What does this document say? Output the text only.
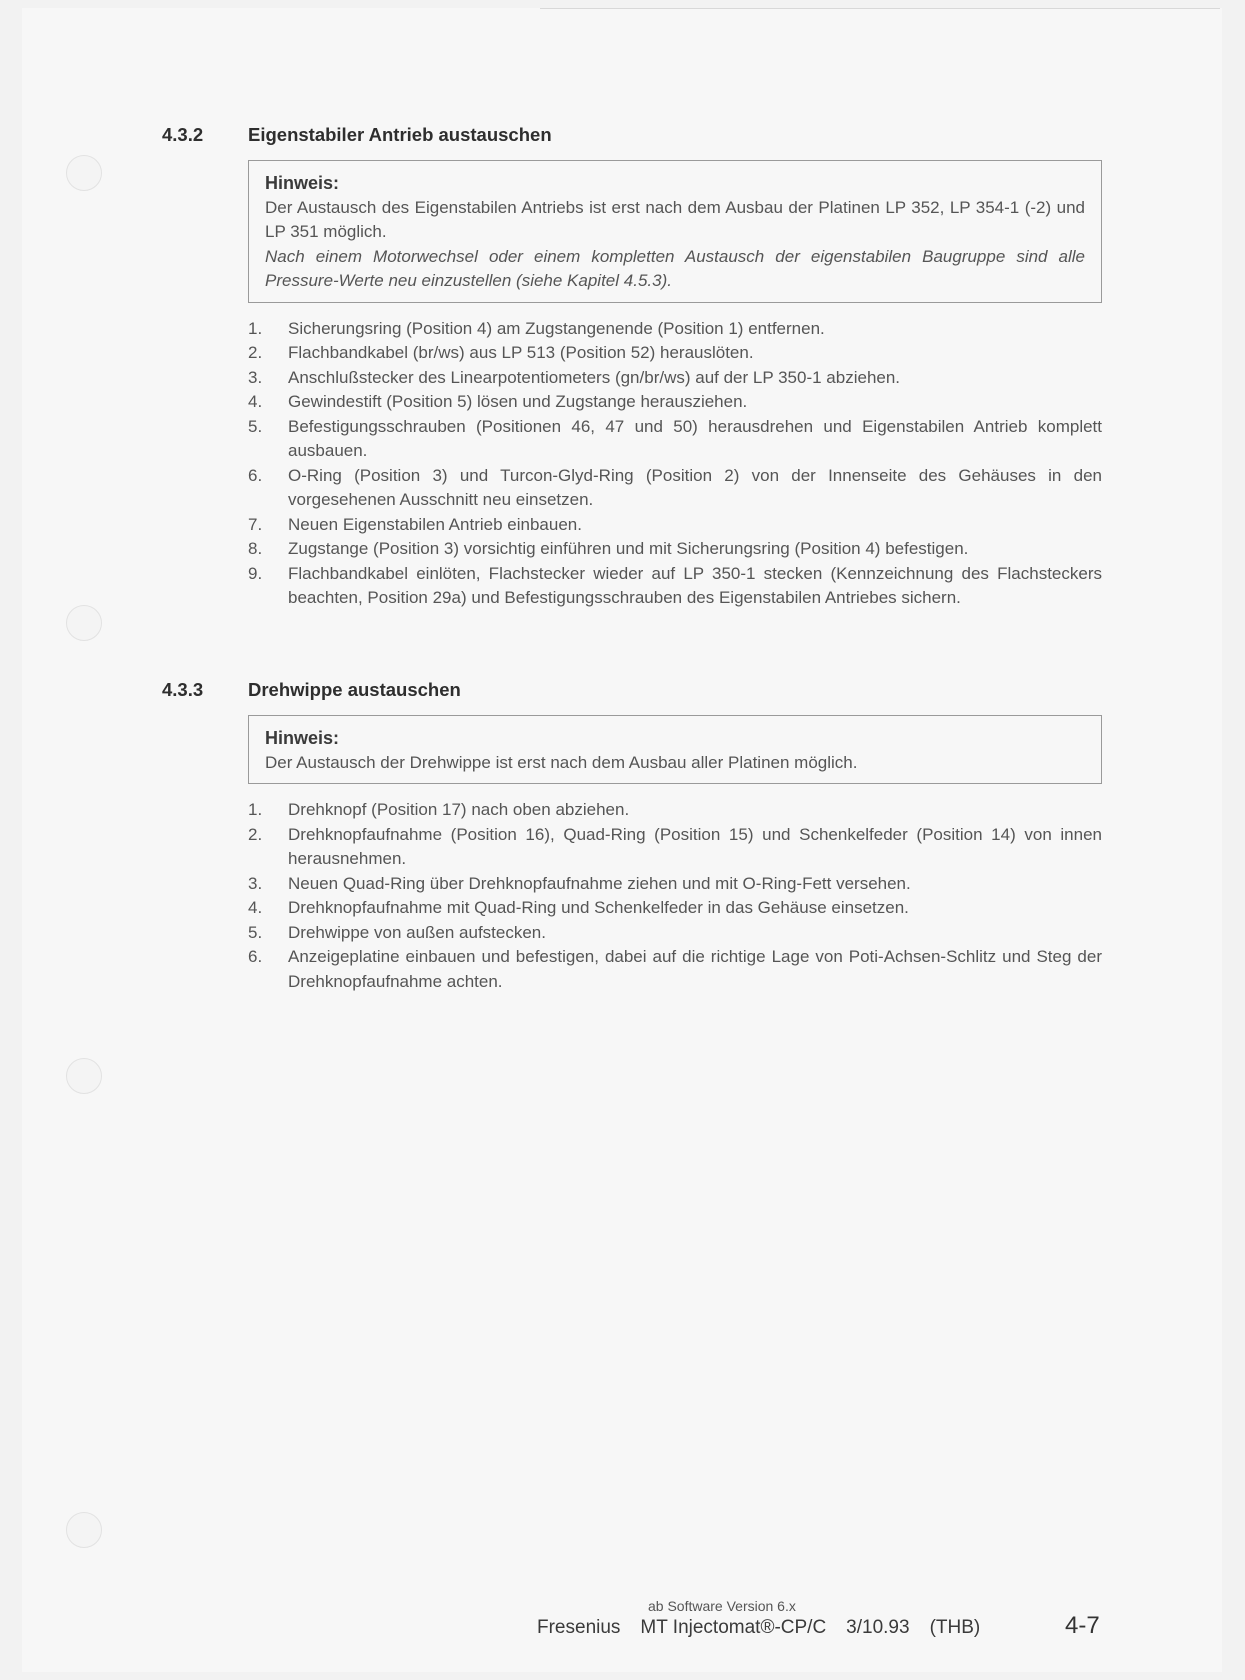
4.3.2	Eigenstabiler Antrieb austauschen
Hinweis:
Der Austausch des Eigenstabilen Antriebs ist erst nach dem Ausbau der Platinen LP 352, LP 354-1 (-2) und LP 351 möglich.
Nach einem Motorwechsel oder einem kompletten Austausch der eigenstabilen Baugruppe sind alle Pressure-Werte neu einzustellen (siehe Kapitel 4.5.3).
1.	Sicherungsring (Position 4) am Zugstangenende (Position 1) entfernen.
2.	Flachbandkabel (br/ws) aus LP 513 (Position 52) herauslöten.
3.	Anschlußstecker des Linearpotentiometers (gn/br/ws) auf der LP 350-1 abziehen.
4.	Gewindestift (Position 5) lösen und Zugstange herausziehen.
5.	Befestigungsschrauben (Positionen 46, 47 und 50) herausdrehen und Eigenstabilen Antrieb komplett ausbauen.
6.	O-Ring (Position 3) und Turcon-Glyd-Ring (Position 2) von der Innenseite des Gehäuses in den vorgesehenen Ausschnitt neu einsetzen.
7.	Neuen Eigenstabilen Antrieb einbauen.
8.	Zugstange (Position 3) vorsichtig einführen und mit Sicherungsring (Position 4) befestigen.
9.	Flachbandkabel einlöten, Flachstecker wieder auf LP 350-1 stecken (Kennzeichnung des Flachsteckers beachten, Position 29a) und Befestigungsschrauben des Eigenstabilen Antriebes sichern.
4.3.3	Drehwippe austauschen
Hinweis:
Der Austausch der Drehwippe ist erst nach dem Ausbau aller Platinen möglich.
1.	Drehknopf (Position 17) nach oben abziehen.
2.	Drehknopfaufnahme (Position 16), Quad-Ring (Position 15) und Schenkelfeder (Position 14) von innen herausnehmen.
3.	Neuen Quad-Ring über Drehknopfaufnahme ziehen und mit O-Ring-Fett versehen.
4.	Drehknopfaufnahme mit Quad-Ring und Schenkelfeder in das Gehäuse einsetzen.
5.	Drehwippe von außen aufstecken.
6.	Anzeigeplatine einbauen und befestigen, dabei auf die richtige Lage von Poti-Achsen-Schlitz und Steg der Drehknopfaufnahme achten.
ab Software Version 6.x
Fresenius MT Injectomat®-CP/C 3/10.93 (THB)	4-7
